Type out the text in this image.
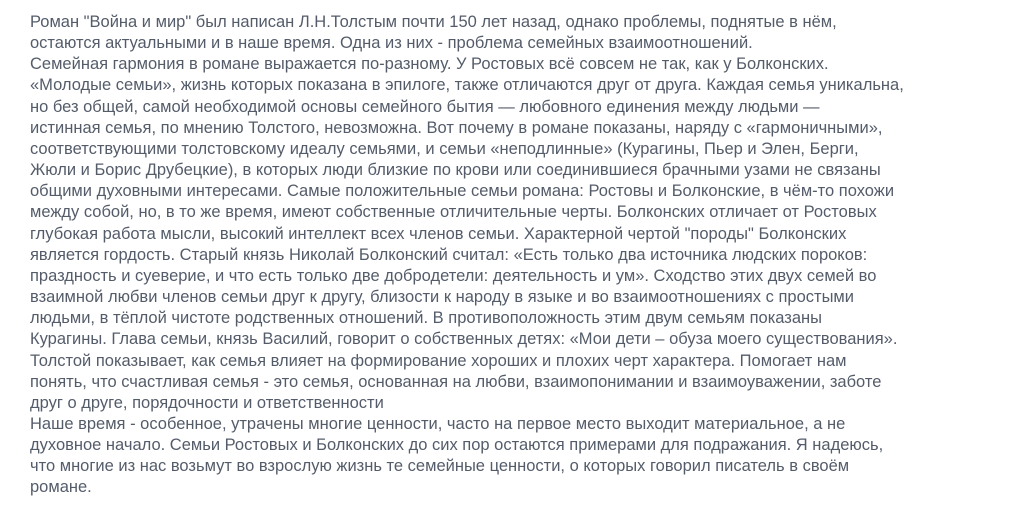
Роман "Война и мир" был написан Л.Н.Толстым почти 150 лет назад, однако проблемы, поднятые в нём,
остаются актуальными и в наше время. Одна из них - проблема семейных взаимоотношений.
Семейная гармония в романе выражается по-разному. У Ростовых всё совсем не так, как у Болконских.
«Молодые семьи», жизнь которых показана в эпилоге, также отличаются друг от друга. Каждая семья уникальна,
но без общей, самой необходимой основы семейного бытия — любовного единения между людьми —
истинная семья, по мнению Толстого, невозможна. Вот почему в романе показаны, наряду с «гармоничными»,
соответствующими толстовскому идеалу семьями, и семьи «неподлинные» (Курагины, Пьер и Элен, Берги,
Жюли и Борис Друбецкие), в которых люди близкие по крови или соединившиеся брачными узами не связаны
общими духовными интересами. Самые положительные семьи романа: Ростовы и Болконские, в чём-то похожи
между собой, но, в то же время, имеют собственные отличительные черты. Болконских отличает от Ростовых
глубокая работа мысли, высокий интеллект всех членов семьи. Характерной чертой "породы" Болконских
является гордость. Старый князь Николай Болконский считал: «Есть только два источника людских пороков:
праздность и суеверие, и что есть только две добродетели: деятельность и ум». Сходство этих двух семей во
взаимной любви членов семьи друг к другу, близости к народу в языке и во взаимоотношениях с простыми
людьми, в тёплой чистоте родственных отношений. В противоположность этим двум семьям показаны
Курагины. Глава семьи, князь Василий, говорит о собственных детях: «Мои дети – обуза моего существования».
Толстой показывает, как семья влияет на формирование хороших и плохих черт характера. Помогает нам
понять, что счастливая семья - это семья, основанная на любви, взаимопонимании и взаимоуважении, заботе
друг о друге, порядочности и ответственности
Наше время - особенное, утрачены многие ценности, часто на первое место выходит материальное, а не
духовное начало. Семьи Ростовых и Болконских до сих пор остаются примерами для подражания. Я надеюсь,
что многие из нас возьмут во взрослую жизнь те семейные ценности, о которых говорил писатель в своём
романе.
